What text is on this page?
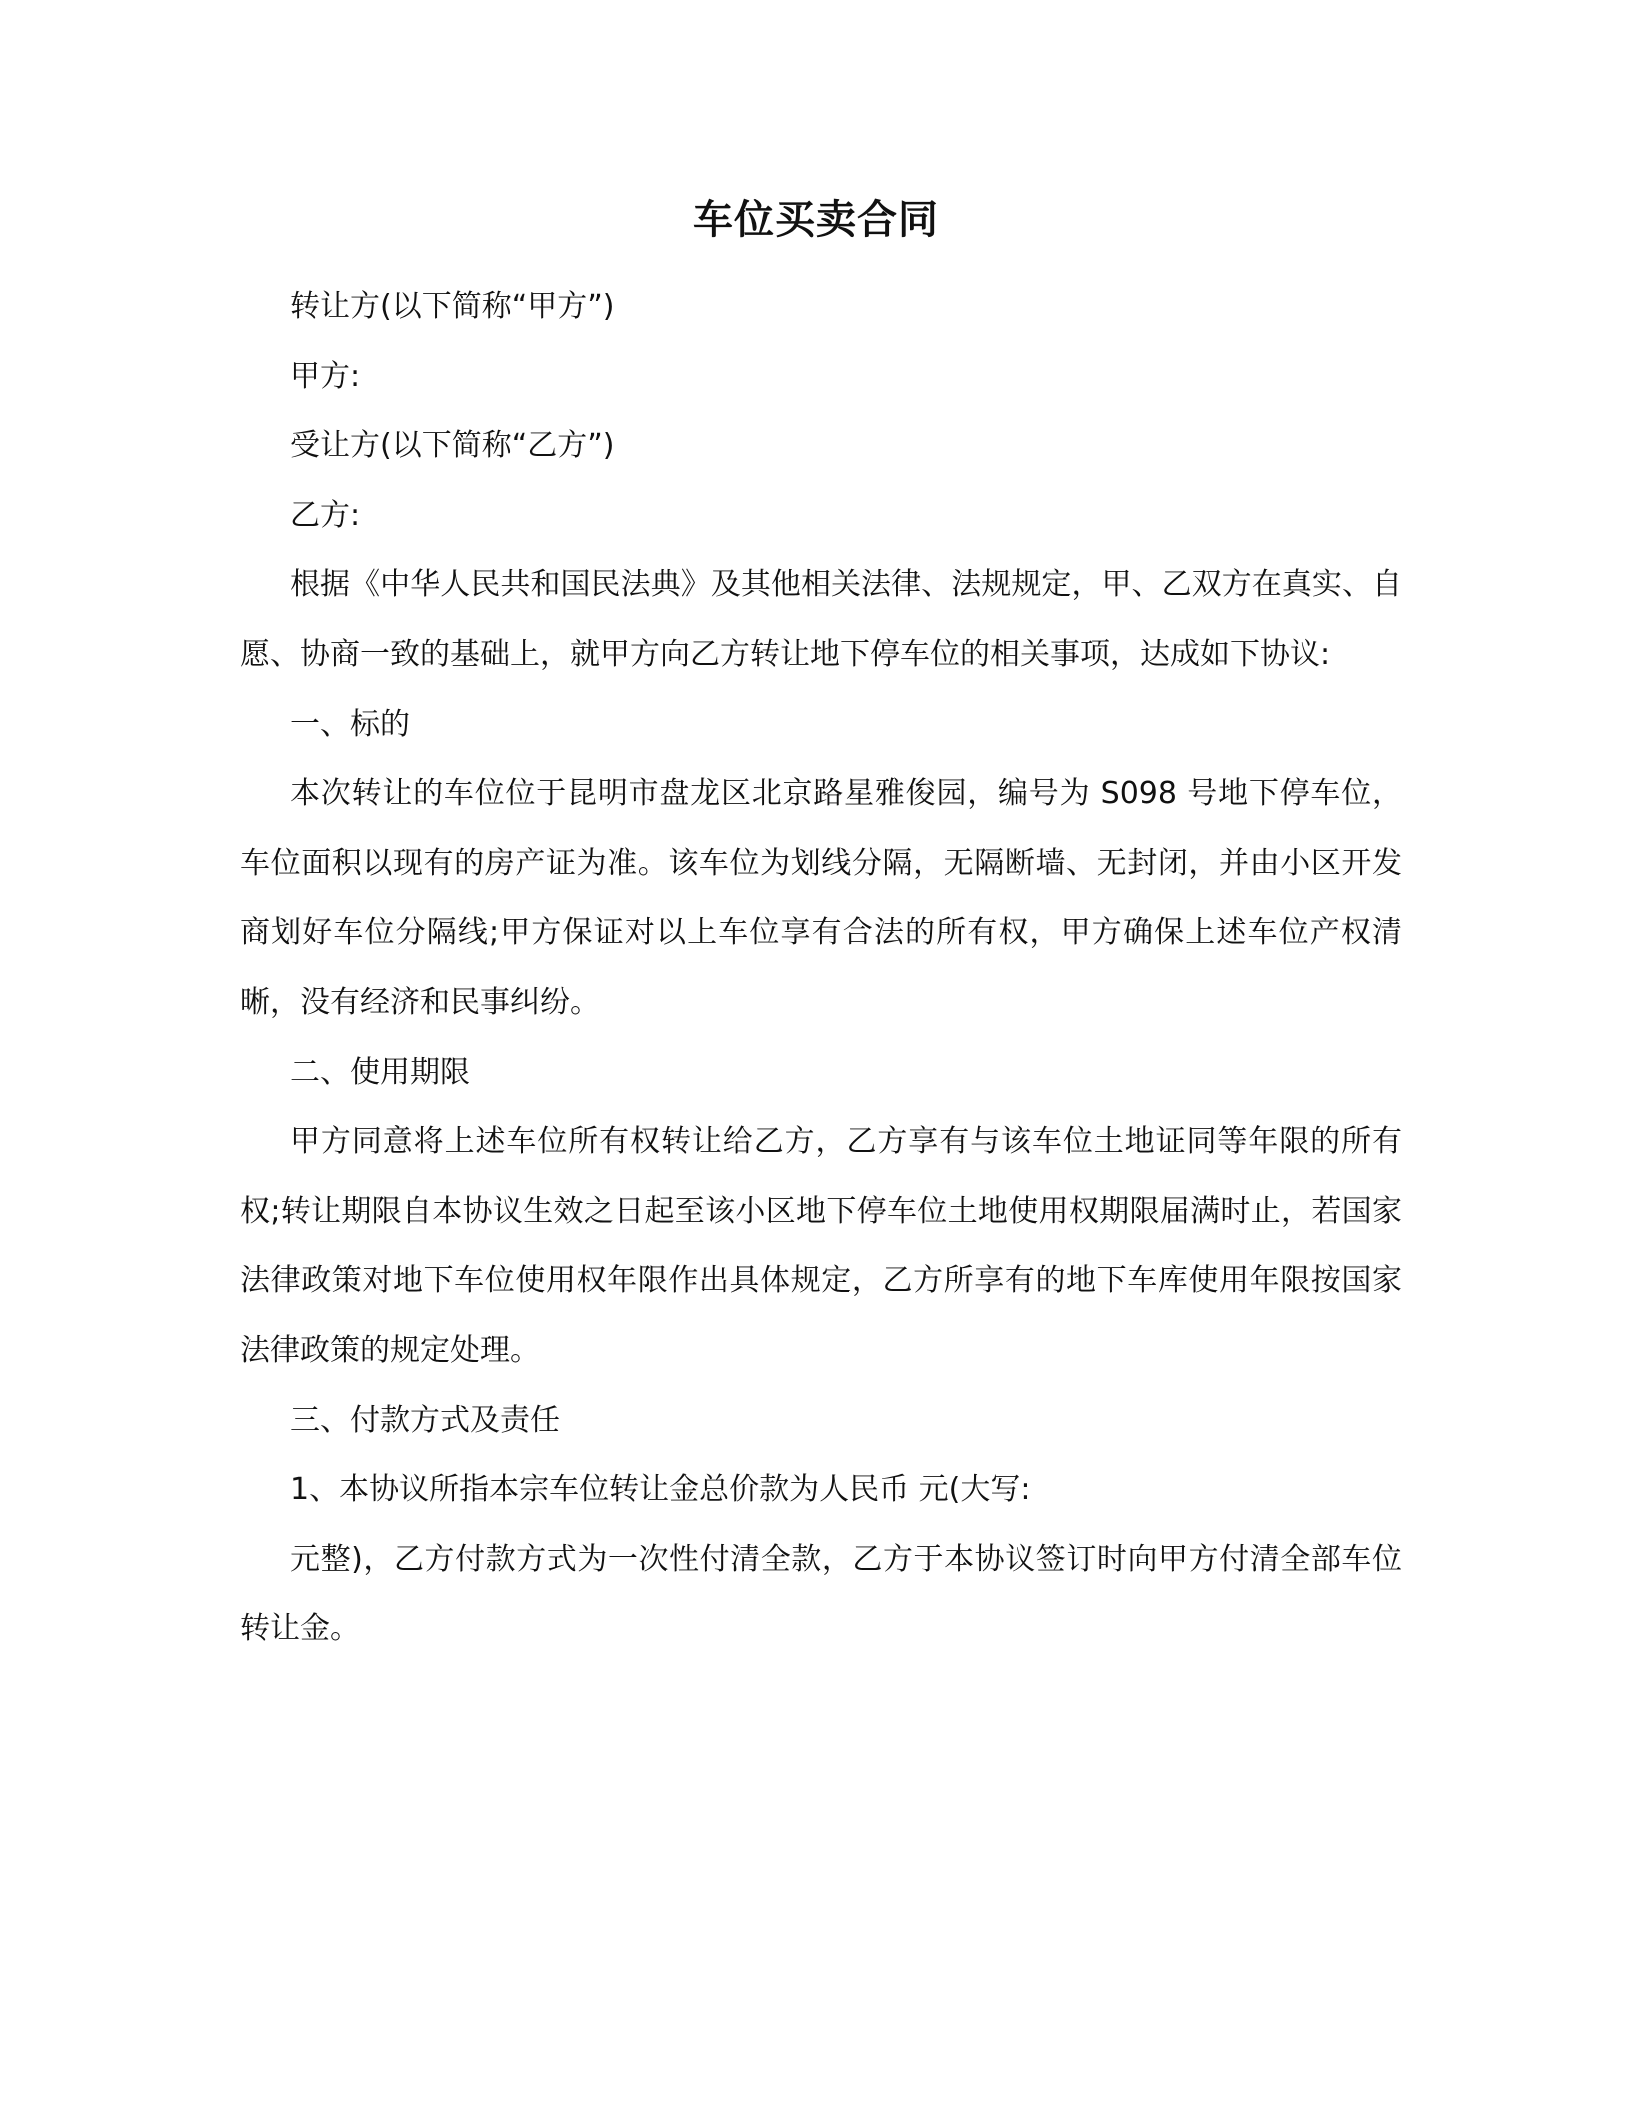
车位买卖合同

转让方(以下简称“甲方”)

甲方:

受让方(以下简称“乙方”)

乙方:

根据《中华人民共和国民法典》及其他相关法律、法规规定，甲、乙双方在真实、自愿、协商一致的基础上，就甲方向乙方转让地下停车位的相关事项，达成如下协议:

一、标的

本次转让的车位位于昆明市盘龙区北京路星雅俊园，编号为 S098 号地下停车位，车位面积以现有的房产证为准。该车位为划线分隔，无隔断墙、无封闭，并由小区开发商划好车位分隔线;甲方保证对以上车位享有合法的所有权，甲方确保上述车位产权清晰，没有经济和民事纠纷。

二、使用期限

甲方同意将上述车位所有权转让给乙方，乙方享有与该车位土地证同等年限的所有权;转让期限自本协议生效之日起至该小区地下停车位土地使用权期限届满时止，若国家法律政策对地下车位使用权年限作出具体规定，乙方所享有的地下车库使用年限按国家法律政策的规定处理。

三、付款方式及责任

1、本协议所指本宗车位转让金总价款为人民币 元(大写:

元整)，乙方付款方式为一次性付清全款，乙方于本协议签订时向甲方付清全部车位转让金。
